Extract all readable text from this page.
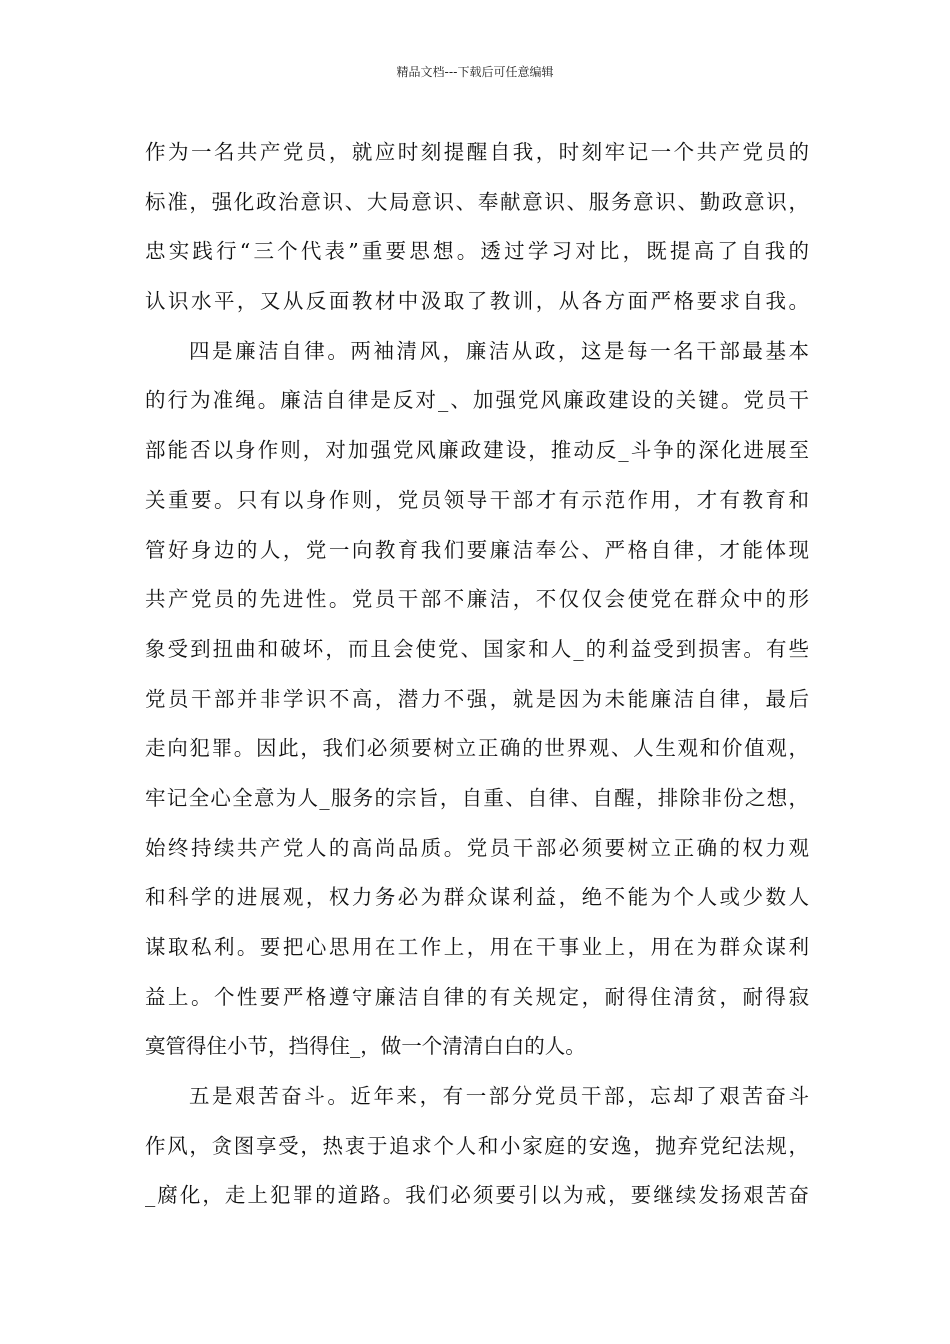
精品文档---下载后可任意编辑
作为一名共产党员，就应时刻提醒自我，时刻牢记一个共产党员的
标准，强化政治意识、大局意识、奉献意识、服务意识、勤政意识，
忠实践行“三个代表”重要思想。透过学习对比，既提高了自我的
认识水平，又从反面教材中汲取了教训，从各方面严格要求自我。
四是廉洁自律。两袖清风，廉洁从政，这是每一名干部最基本
的行为准绳。廉洁自律是反对_、加强党风廉政建设的关键。党员干
部能否以身作则，对加强党风廉政建设，推动反_斗争的深化进展至
关重要。只有以身作则，党员领导干部才有示范作用，才有教育和
管好身边的人，党一向教育我们要廉洁奉公、严格自律，才能体现
共产党员的先进性。党员干部不廉洁，不仅仅会使党在群众中的形
象受到扭曲和破坏，而且会使党、国家和人_的利益受到损害。有些
党员干部并非学识不高，潜力不强，就是因为未能廉洁自律，最后
走向犯罪。因此，我们必须要树立正确的世界观、人生观和价值观，
牢记全心全意为人_服务的宗旨，自重、自律、自醒，排除非份之想，
始终持续共产党人的高尚品质。党员干部必须要树立正确的权力观
和科学的进展观，权力务必为群众谋利益，绝不能为个人或少数人
谋取私利。要把心思用在工作上，用在干事业上，用在为群众谋利
益上。个性要严格遵守廉洁自律的有关规定，耐得住清贫，耐得寂
寞管得住小节，挡得住_，做一个清清白白的人。
五是艰苦奋斗。近年来，有一部分党员干部，忘却了艰苦奋斗
作风，贪图享受，热衷于追求个人和小家庭的安逸，抛弃党纪法规，
_腐化，走上犯罪的道路。我们必须要引以为戒，要继续发扬艰苦奋
